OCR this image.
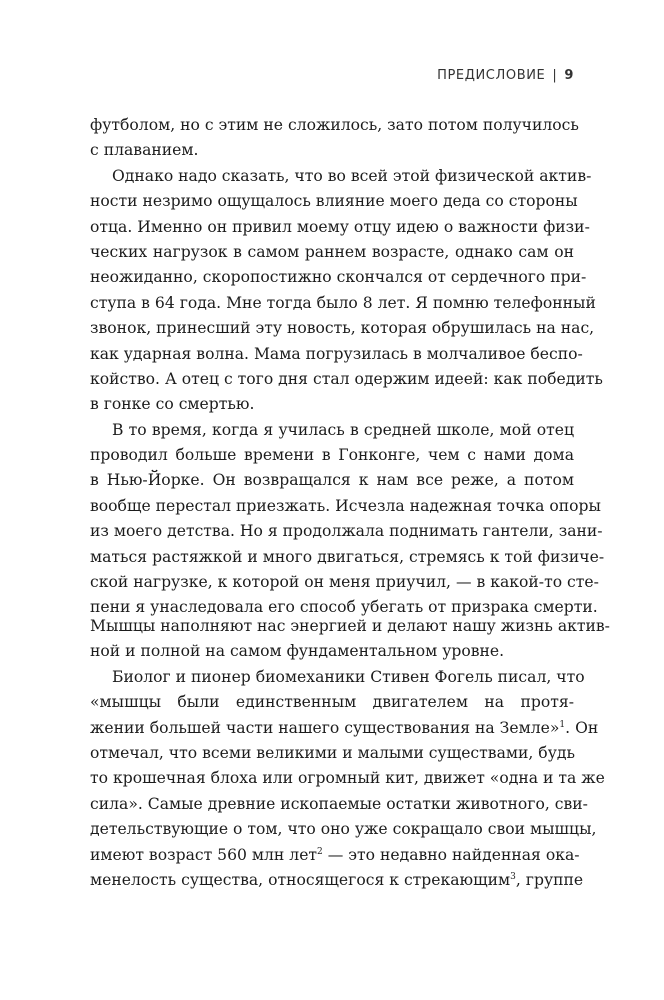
ПРЕДИСЛОВИЕ | 9
футболом, но с этим не сложилось, зато потом получилось
с плаванием.
Однако надо сказать, что во всей этой физической актив-
ности незримо ощущалось влияние моего деда со стороны
отца. Именно он привил моему отцу идею о важности физи-
ческих нагрузок в самом раннем возрасте, однако сам он
неожиданно, скоропостижно скончался от сердечного при-
ступа в 64 года. Мне тогда было 8 лет. Я помню телефонный
звонок, принесший эту новость, которая обрушилась на нас,
как ударная волна. Мама погрузилась в молчаливое беспо-
койство. А отец с того дня стал одержим идеей: как победить
в гонке со смертью.
В то время, когда я училась в средней школе, мой отец
проводил больше времени в Гонконге, чем с нами дома
в Нью-Йорке. Он возвращался к нам все реже, а потом
вообще перестал приезжать. Исчезла надежная точка опоры
из моего детства. Но я продолжала поднимать гантели, зани-
маться растяжкой и много двигаться, стремясь к той физиче-
ской нагрузке, к которой он меня приучил, — в какой-то сте-
пени я унаследовала его способ убегать от призрака смерти.
Мышцы наполняют нас энергией и делают нашу жизнь актив-
ной и полной на самом фундаментальном уровне.
Биолог и пионер биомеханики Стивен Фогель писал, что
«мышцы были единственным двигателем на протя-
жении большей части нашего существования на Земле»$^1$. Он
отмечал, что всеми великими и малыми существами, будь
то крошечная блоха или огромный кит, движет «одна и та же
сила». Самые древние ископаемые остатки животного, сви-
детельствующие о том, что оно уже сокращало свои мышцы,
имеют возраст 560 млн лет$^2$ — это недавно найденная ока-
менелость существа, относящегося к стрекающим$^3$, группе
